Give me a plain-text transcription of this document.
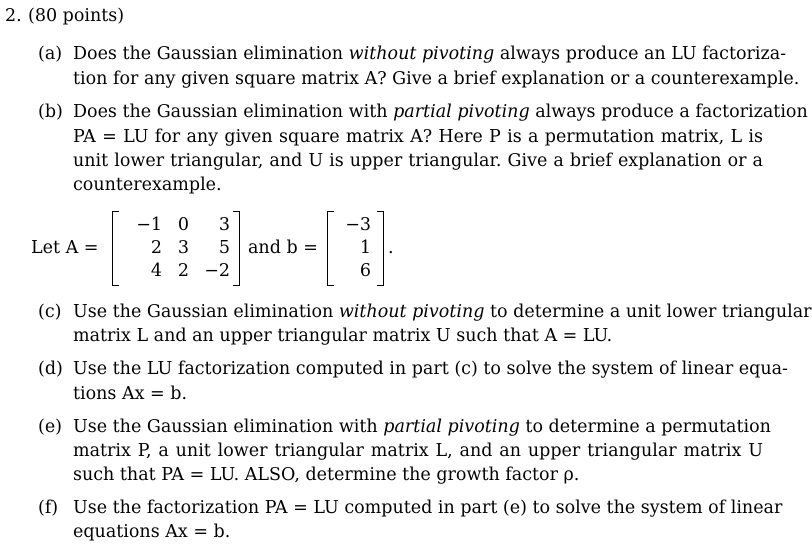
2. (80 points)
(a) Does the Gaussian elimination without pivoting always produce an LU factoriza-
tion for any given square matrix A? Give a brief explanation or a counterexample.
(b) Does the Gaussian elimination with partial pivoting always produce a factorization
PA = LU for any given square matrix A? Here P is a permutation matrix, L is
unit lower triangular, and U is upper triangular. Give a brief explanation or a
counterexample.
Let A =
−1 0	3
2 3	5
4 2 −2
and b =
−3
1
6
.
(c) Use the Gaussian elimination without pivoting to determine a unit lower triangular
matrix L and an upper triangular matrix U such that A = LU.
(d) Use the LU factorization computed in part (c) to solve the system of linear equa-
tions Ax = b.
(e) Use the Gaussian elimination with partial pivoting to determine a permutation
matrix P, a unit lower triangular matrix L, and an upper triangular matrix U
such that PA = LU. ALSO, determine the growth factor ρ.
(f) Use the factorization PA = LU computed in part (e) to solve the system of linear
equations Ax = b.
